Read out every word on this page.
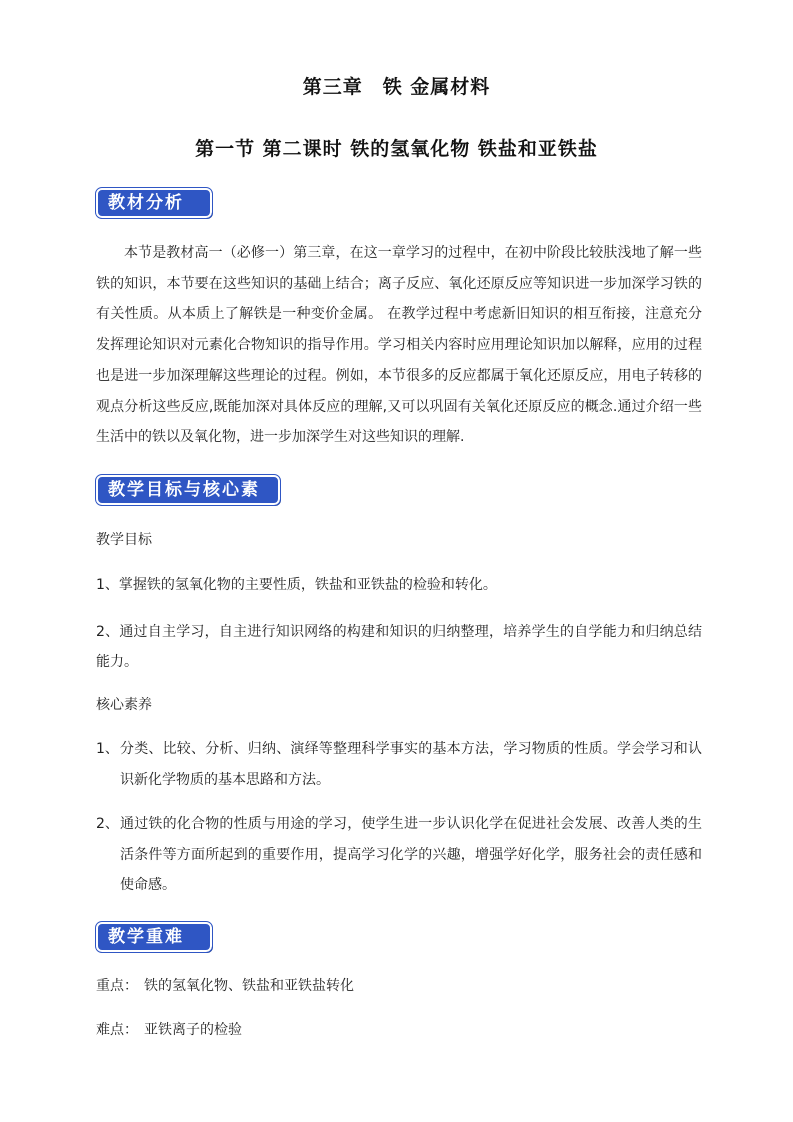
第三章　铁 金属材料
第一节 第二课时 铁的氢氧化物 铁盐和亚铁盐
教材分析
本节是教材高一（必修一）第三章，在这一章学习的过程中，在初中阶段比较肤浅地了解一些铁的知识，本节要在这些知识的基础上结合；离子反应、氧化还原反应等知识进一步加深学习铁的有关性质。从本质上了解铁是一种变价金属。 在教学过程中考虑新旧知识的相互衔接，注意充分发挥理论知识对元素化合物知识的指导作用。学习相关内容时应用理论知识加以解释，应用的过程也是进一步加深理解这些理论的过程。例如，本节很多的反应都属于氧化还原反应，用电子转移的观点分析这些反应,既能加深对具体反应的理解,又可以巩固有关氧化还原反应的概念.通过介绍一些生活中的铁以及氧化物，进一步加深学生对这些知识的理解.
教学目标与核心素养
教学目标
1、掌握铁的氢氧化物的主要性质，铁盐和亚铁盐的检验和转化。
2、通过自主学习，自主进行知识网络的构建和知识的归纳整理，培养学生的自学能力和归纳总结能力。
核心素养
1、 分类、比较、分析、归纳、演绎等整理科学事实的基本方法，学习物质的性质。学会学习和认识新化学物质的基本思路和方法。
2、 通过铁的化合物的性质与用途的学习，使学生进一步认识化学在促进社会发展、改善人类的生活条件等方面所起到的重要作用，提高学习化学的兴趣，增强学好化学，服务社会的责任感和使命感。
教学重难点
重点： 铁的氢氧化物、铁盐和亚铁盐转化
难点： 亚铁离子的检验
